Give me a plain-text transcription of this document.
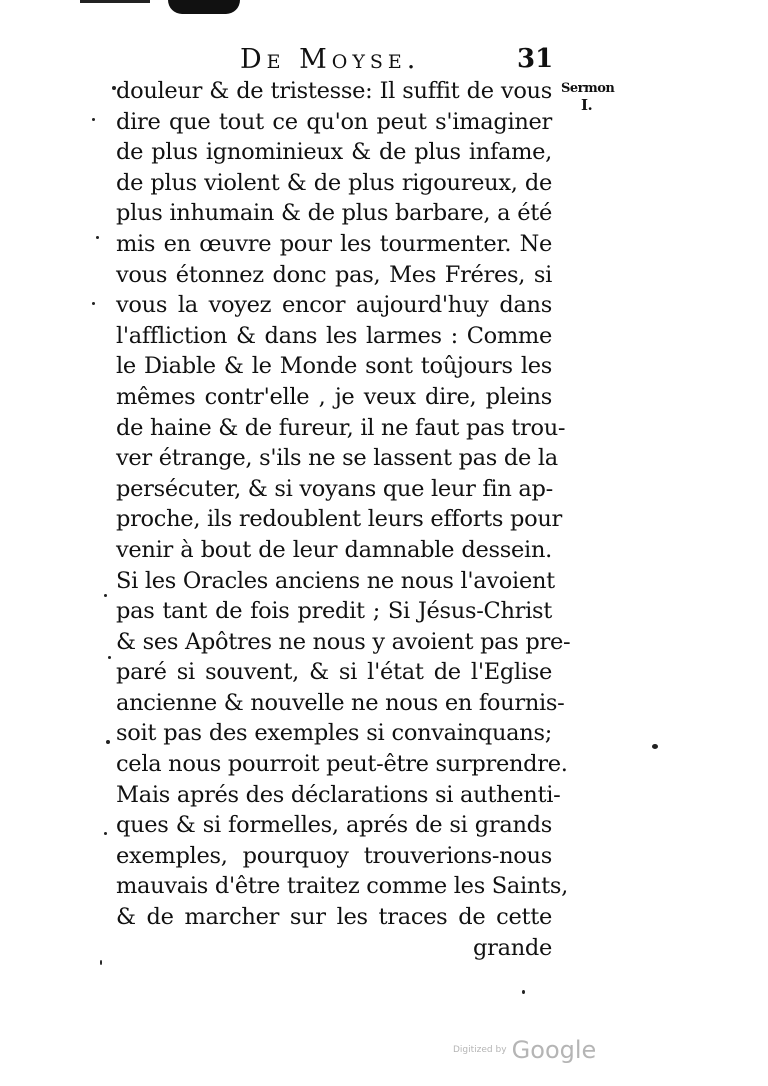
De Moyse.	31
Sermon
I.
douleur & de tristesse: Il suffit de vous
dire que tout ce qu'on peut s'imaginer
de plus ignominieux & de plus infame,
de plus violent & de plus rigoureux, de
plus inhumain & de plus barbare, a été
mis en œuvre pour les tourmenter. Ne
vous étonnez donc pas, Mes Fréres, si
vous la voyez encor aujourd'huy dans
l'affliction & dans les larmes : Comme
le Diable & le Monde sont toûjours les
mêmes contr'elle , je veux dire, pleins
de haine & de fureur, il ne faut pas trou-
ver étrange, s'ils ne se lassent pas de la
persécuter, & si voyans que leur fin ap-
proche, ils redoublent leurs efforts pour
venir à bout de leur damnable dessein.
Si les Oracles anciens ne nous l'avoient
pas tant de fois predit ; Si Jésus-Christ
& ses Apôtres ne nous y avoient pas pre-
paré si souvent, & si l'état de l'Eglise
ancienne & nouvelle ne nous en fournis-
soit pas des exemples si convainquans;
cela nous pourroit peut-être surprendre.
Mais aprés des déclarations si authenti-
ques & si formelles, aprés de si grands
exemples, pourquoy trouverions-nous
mauvais d'être traitez comme les Saints,
& de marcher sur les traces de cette
grande
Digitized by Google
